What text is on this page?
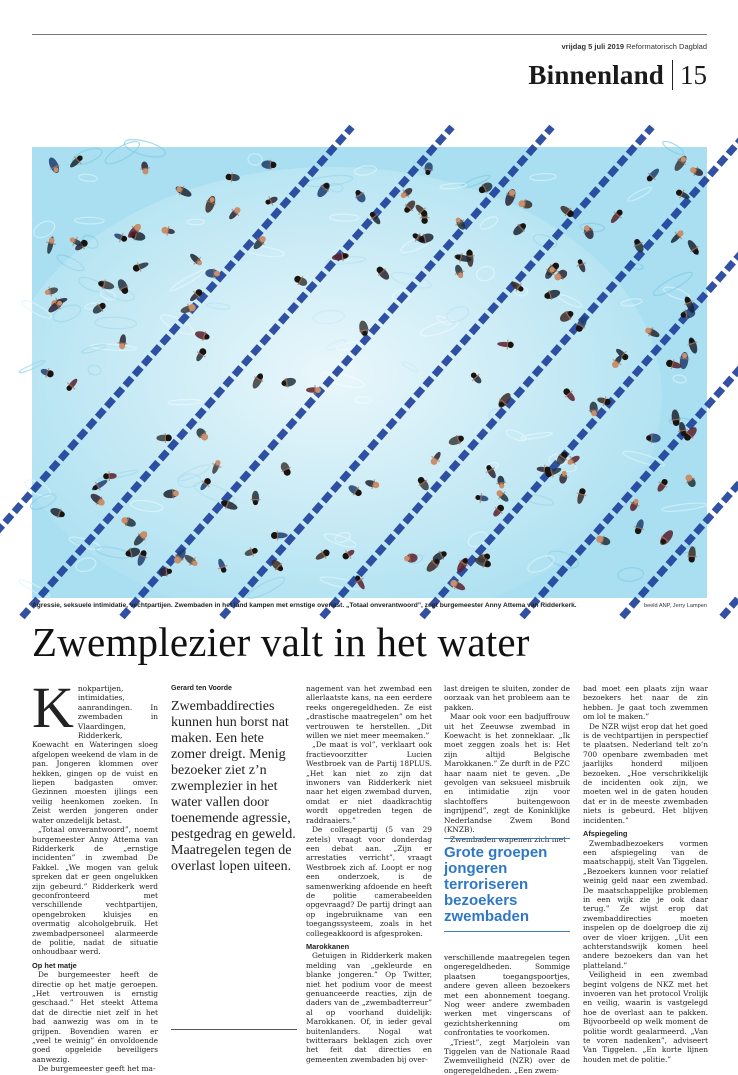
vrijdag 5 juli 2019 Reformatorisch Dagblad
Binnenland 15
Agressie, seksuele intimidatie, vechtpartijen. Zwembaden in het land kampen met ernstige overlast. „Totaal onverantwoord”, zegt burgemeester Anny Attema van Ridderkerk.	beeld ANP, Jerry Lampen
Zwemplezier valt in het water
K nokpartijen, intimidaties, aanrandingen. In zwembaden in Vlaardingen, Ridderkerk, Koewacht en Wateringen sloeg afgelopen weekend de vlam in de pan. Jongeren klommen over hekken, gingen op de vuist en liepen badgasten omver. Gezinnen moesten ijlings een veilig heenkomen zoeken. In Zeist werden jongeren onder water onzedelijk betast.

„Totaal onverantwoord”, noemt burgemeester Anny Attema van Ridderkerk de „ernstige incidenten” in zwembad De Fakkel. „We mogen van geluk spreken dat er geen ongelukken zijn gebeurd.” Ridderkerk werd geconfronteerd met verschillende vechtpartijen, opengebroken kluisjes en overmatig alcoholgebruik. Het zwembadpersoneel alarmeerde de politie, nadat de situatie onhoudbaar werd.

Op het matje

De burgemeester heeft de directie op het matje geroepen. „Het vertrouwen is ernstig geschaad.” Het steekt Attema dat de directie niet zelf in het bad aanwezig was om in te grijpen. Bovendien waren er „veel te weinig” én onvoldoende goed opgeleide beveiligers aanwezig.

De burgemeester geeft het ma-

Gerard ten Voorde
Zwembaddirecties kunnen hun borst nat maken. Een hete zomer dreigt. Menig bezoeker ziet z’n zwemplezier in het water vallen door toenemende agressie, pestgedrag en geweld. Maatregelen tegen de overlast lopen uiteen.

nagement van het zwembad een allerlaatste kans, na een eerdere reeks ongeregeldheden. Ze eist „drastische maatregelen” om het vertrouwen te herstellen. „Dit willen we niet meer meemaken.”

„De maat is vol”, verklaart ook fractievoorzitter Lucien Westbroek van de Partij 18PLUS. „Het kan niet zo zijn dat inwoners van Ridderkerk niet naar het eigen zwembad durven, omdat er niet daadkrachtig wordt opgetreden tegen de raddraaiers.”

De collegepartij (5 van 29 zetels) vraagt voor donderdag een debat aan. „Zijn er arrestaties verricht”, vraagt Westbroek zich af. Loopt er nog een onderzoek, is de samenwerking afdoende en heeft de politie camerabeelden opgevraagd? De partij dringt aan op ingebruikname van een toegangssysteem, zoals in het collegeakkoord is afgesproken.

Marokkanen

Getuigen in Ridderkerk maken melding van „gekleurde en blanke jongeren.” Op Twitter, niet het podium voor de meest genuanceerde reacties, zijn de daders van de „zwembadterreur” al op voorhand duidelijk: Marokkanen. Of, in ieder geval buitenlanders. Nogal wat twitteraars beklagen zich over het feit dat directies en gemeenten zwembaden bij over-

last dreigen te sluiten, zonder de oorzaak van het probleem aan te pakken.

Maar ook voor een badjuffrouw uit het Zeeuwse zwembad in Koewacht is het zonneklaar. „Ik moet zeggen zoals het is: Het zijn altijd Belgische Marokkanen.” Ze durft in de PZC haar naam niet te geven. „De gevolgen van seksueel misbruik en intimidatie zijn voor slachtoffers buitengewoon ingrijpend”, zegt de Koninklijke Nederlandse Zwem Bond (KNZB).

Zwembaden wapenen zich met

Grote groepen jongeren terroriseren bezoekers zwembaden

verschillende maatregelen tegen ongeregeldheden. Sommige plaatsen toegangspoortjes, andere geven alleen bezoekers met een abonnement toegang. Nog weer andere zwembaden werken met vingerscans of gezichtsherkenning om confrontaties te voorkomen.

„Triest”, zegt Marjolein van Tiggelen van de Nationale Raad Zwemveiligheid (NZR) over de ongeregeldheden. „Een zwem-

bad moet een plaats zijn waar bezoekers het naar de zin hebben. Je gaat toch zwemmen om lol te maken.”

De NZR wijst erop dat het goed is de vechtpartijen in perspectief te plaatsen. Nederland telt zo’n 700 openbare zwembaden met jaarlijks honderd miljoen bezoeken. „Hoe verschrikkelijk de incidenten ook zijn, we moeten wel in de gaten houden dat er in de meeste zwembaden niets is gebeurd. Het blijven incidenten.”

Afspiegeling

Zwembadbezoekers vormen een afspiegeling van de maatschappij, stelt Van Tiggelen. „Bezoekers kunnen voor relatief weinig geld naar een zwembad. De maatschappelijke problemen in een wijk zie je ook daar terug.” Ze wijst erop dat zwembaddirecties moeten inspelen op de doelgroep die zij over de vloer krijgen. „Uit een achterstandswijk komen heel andere bezoekers dan van het platteland.”

Veiligheid in een zwembad begint volgens de NKZ met het invoeren van het protocol Vrolijk en veilig, waarin is vastgelegd hoe de overlast aan te pakken. Bijvoorbeeld op welk moment de politie wordt gealarmeerd. „Van te voren nadenken”, adviseert Van Tiggelen. „En korte lijnen houden met de politie.”
